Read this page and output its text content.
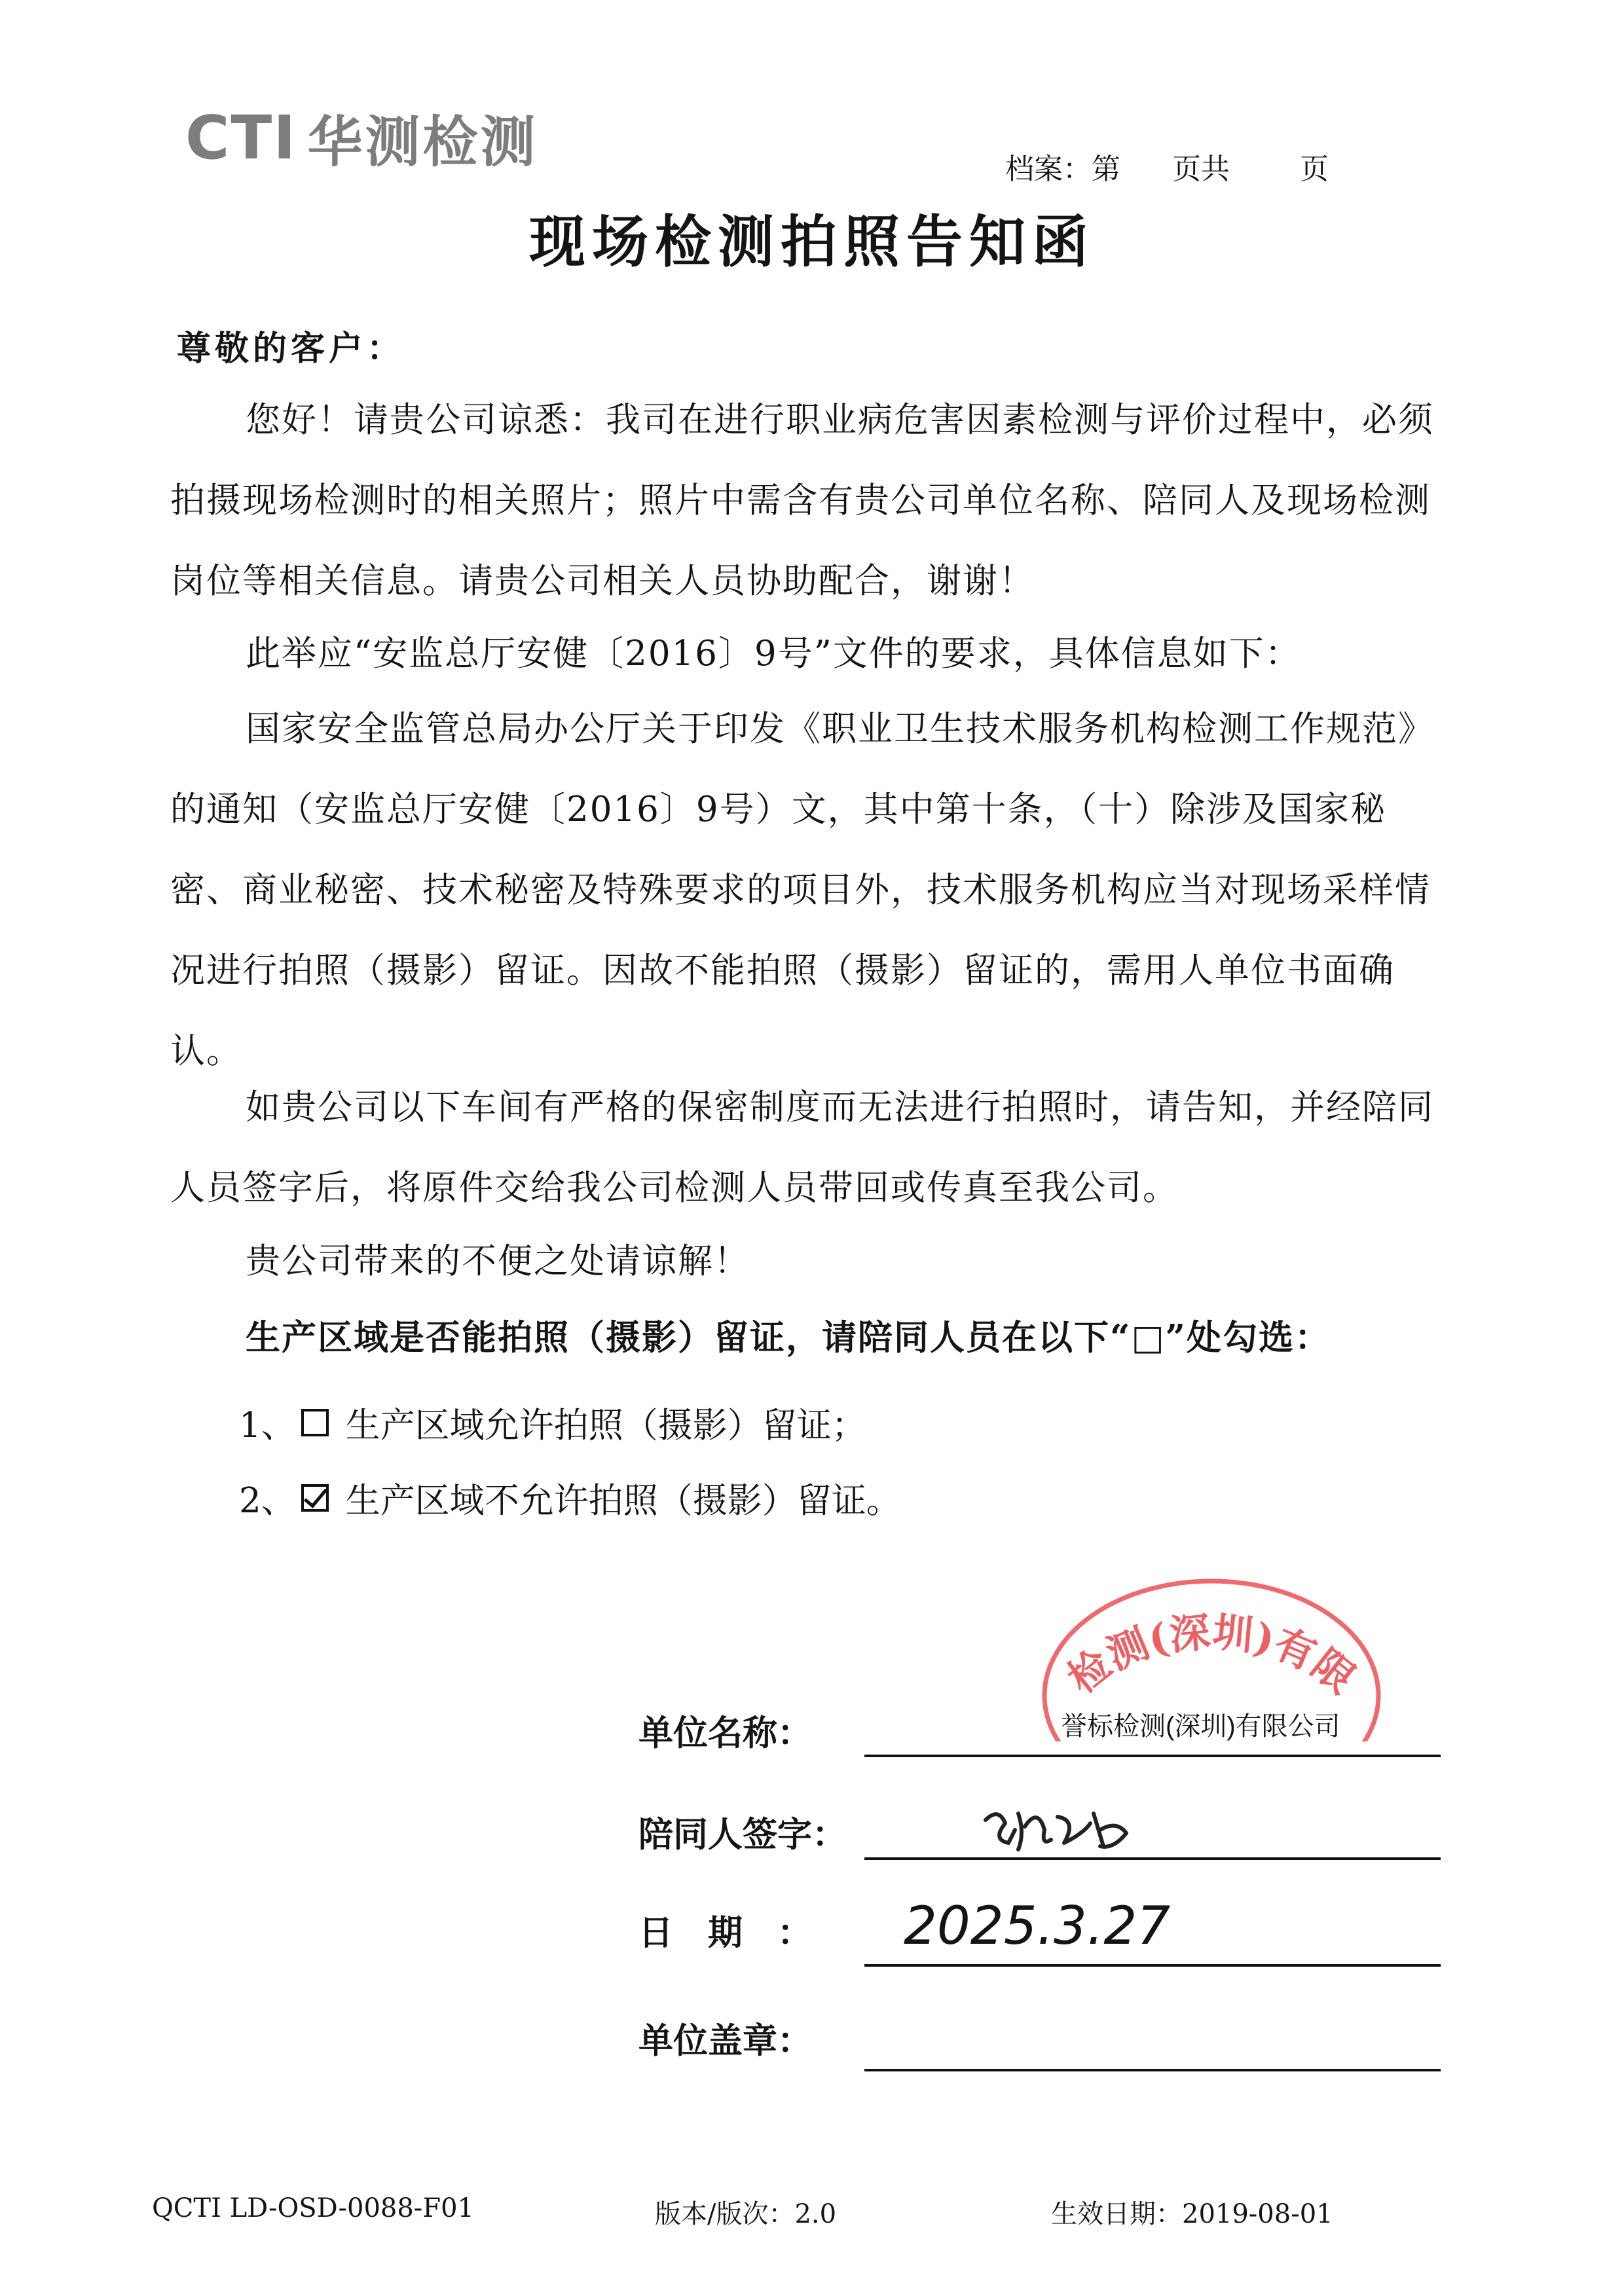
CTI 华测检测	档案：第 页共 页
现场检测拍照告知函
尊敬的客户：
您好！请贵公司谅悉：我司在进行职业病危害因素检测与评价过程中，必须拍摄现场检测时的相关照片；照片中需含有贵公司单位名称、陪同人及现场检测岗位等相关信息。请贵公司相关人员协助配合，谢谢！
此举应“安监总厅安健〔2016〕9号”文件的要求，具体信息如下：
国家安全监管总局办公厅关于印发《职业卫生技术服务机构检测工作规范》的通知（安监总厅安健〔2016〕9号）文，其中第十条，（十）除涉及国家秘密、商业秘密、技术秘密及特殊要求的项目外，技术服务机构应当对现场采样情况进行拍照（摄影）留证。因故不能拍照（摄影）留证的，需用人单位书面确认。
如贵公司以下车间有严格的保密制度而无法进行拍照时，请告知，并经陪同人员签字后，将原件交给我公司检测人员带回或传真至我公司。
贵公司带来的不便之处请谅解！
生产区域是否能拍照（摄影）留证，请陪同人员在以下“□”处勾选：
1、 生产区域允许拍照（摄影）留证；
2、 生产区域不允许拍照（摄影）留证。
检测(深圳)有限
单位名称：	誉标检测(深圳)有限公司
陪同人签字：
日　期　： 2025.3.27
单位盖章：
QCTI LD-OSD-0088-F01	版本/版次：2.0	生效日期：2019-08-01
